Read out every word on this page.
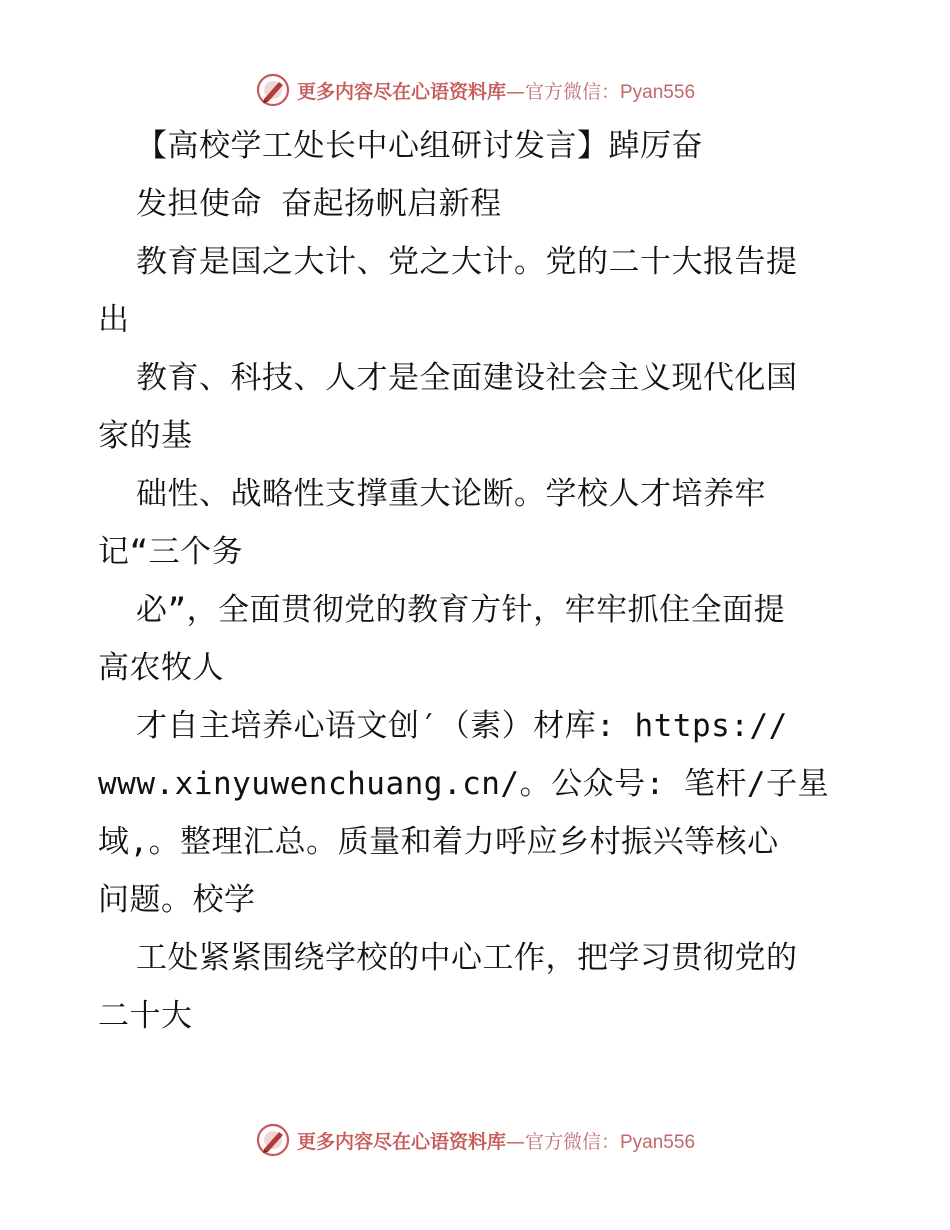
更多内容尽在心语资料库—官方微信：Pyan556
【高校学工处长中心组研讨发言】踔厉奋
发担使命 奋起扬帆启新程
教育是国之大计、党之大计。党的二十大报告提
出
教育、科技、人才是全面建设社会主义现代化国
家的基
础性、战略性支撑重大论断。学校人才培养牢
记“三个务
必”，全面贯彻党的教育方针，牢牢抓住全面提
高农牧人
才自主培养心语文创′（素）材库: https://
www.xinyuwenchuang.cn/。公众号: 笔杆/子星
域,。整理汇总。质量和着力呼应乡村振兴等核心
问题。校学
工处紧紧围绕学校的中心工作，把学习贯彻党的
二十大
更多内容尽在心语资料库—官方微信：Pyan556
